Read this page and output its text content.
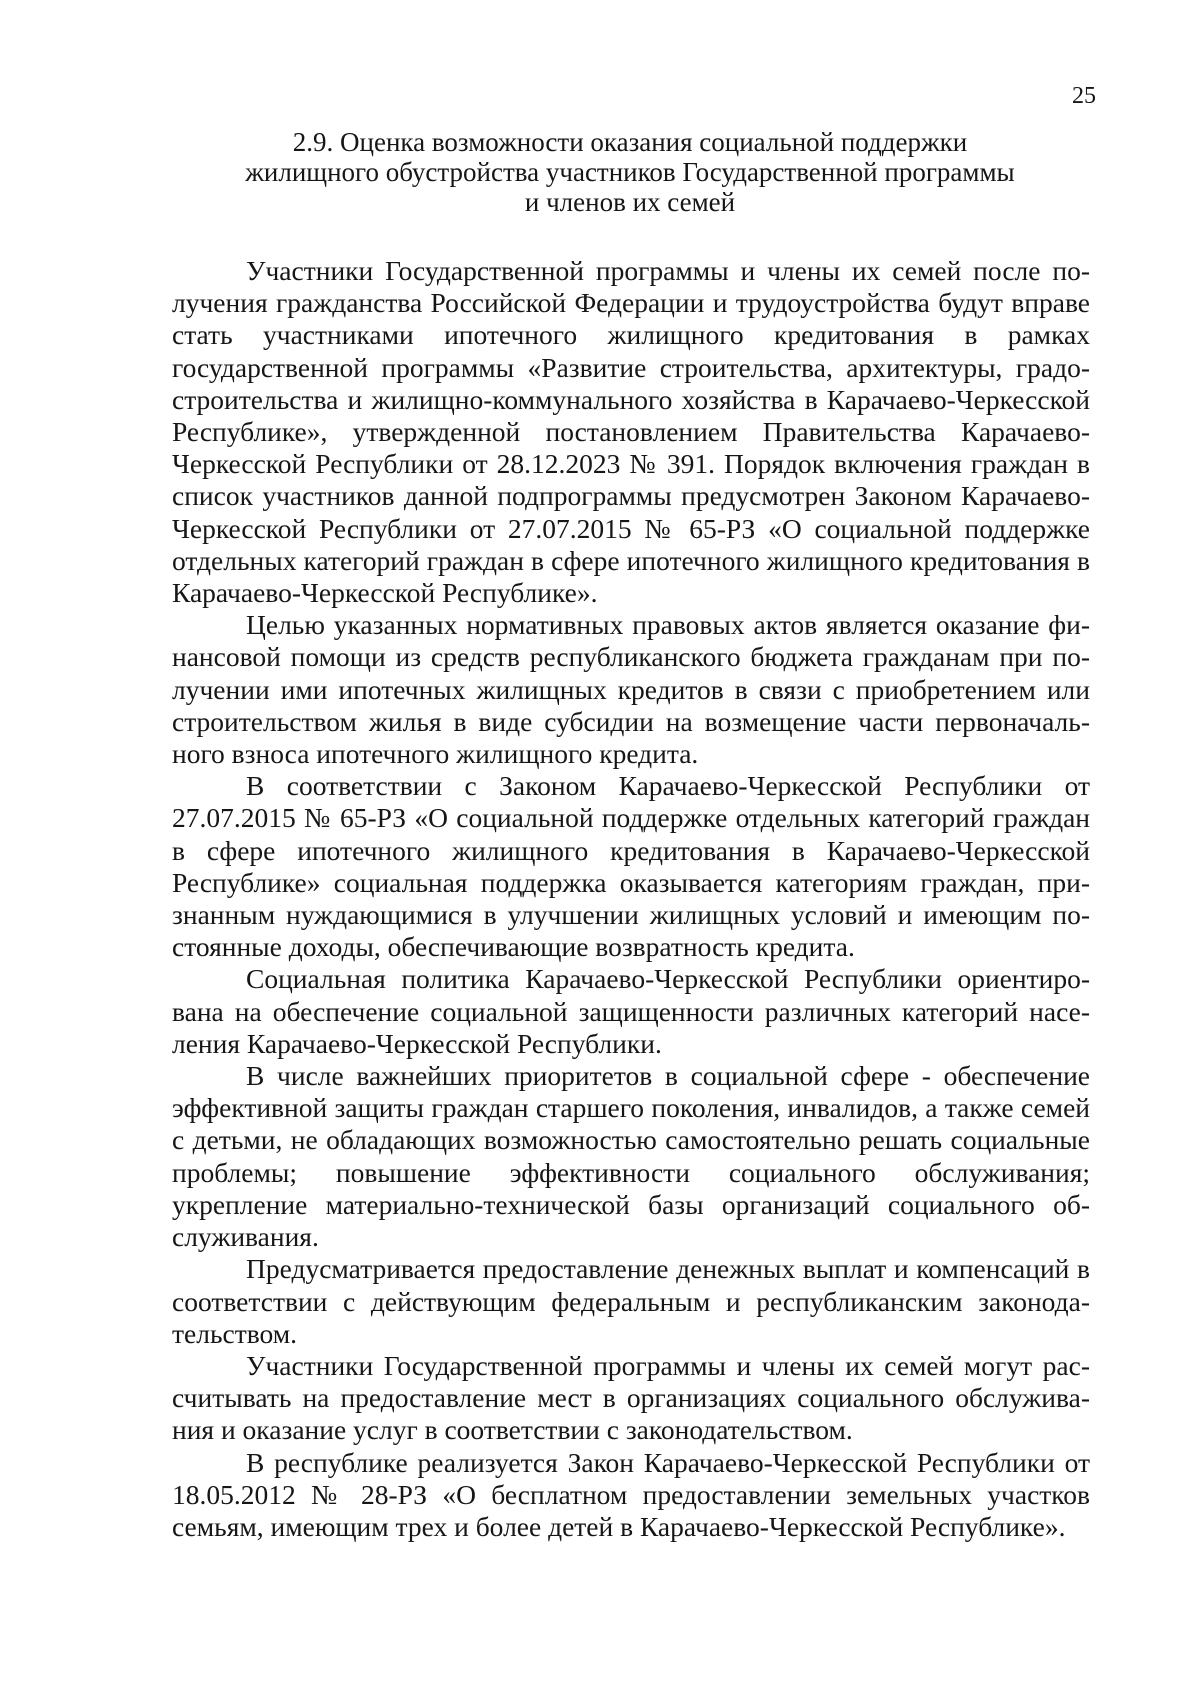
25
2.9. Оценка возможности оказания социальной поддержки
жилищного обустройства участников Государственной программы
и членов их семей

Участники Государственной программы и члены их семей после получения гражданства Российской Федерации и трудоустройства будут вправе стать участниками ипотечного жилищного кредитования в рамках государственной программы «Развитие строительства, архитектуры, градостроительства и жилищно-коммунального хозяйства в Карачаево-Черкесской Республике», утвержденной постановлением Правительства Карачаево-Черкесской Республики от 28.12.2023 № 391. Порядок включения граждан в список участников данной подпрограммы предусмотрен Законом Карачаево-Черкесской Республики от 27.07.2015 № 65-РЗ «О социальной поддержке отдельных категорий граждан в сфере ипотечного жилищного кредитования в Карачаево-Черкесской Республике».

Целью указанных нормативных правовых актов является оказание финансовой помощи из средств республиканского бюджета гражданам при получении ими ипотечных жилищных кредитов в связи с приобретением или строительством жилья в виде субсидии на возмещение части первоначального взноса ипотечного жилищного кредита.

В соответствии с Законом Карачаево-Черкесской Республики от 27.07.2015 № 65-РЗ «О социальной поддержке отдельных категорий граждан в сфере ипотечного жилищного кредитования в Карачаево-Черкесской Республике» социальная поддержка оказывается категориям граждан, признанным нуждающимися в улучшении жилищных условий и имеющим постоянные доходы, обеспечивающие возвратность кредита.

Социальная политика Карачаево-Черкесской Республики ориентирована на обеспечение социальной защищенности различных категорий населения Карачаево-Черкесской Республики.

В числе важнейших приоритетов в социальной сфере - обеспечение эффективной защиты граждан старшего поколения, инвалидов, а также семей с детьми, не обладающих возможностью самостоятельно решать социальные проблемы; повышение эффективности социального обслуживания; укрепление материально-технической базы организаций социального обслуживания.

Предусматривается предоставление денежных выплат и компенсаций в соответствии с действующим федеральным и республиканским законодательством.

Участники Государственной программы и члены их семей могут рассчитывать на предоставление мест в организациях социального обслуживания и оказание услуг в соответствии с законодательством.

В республике реализуется Закон Карачаево-Черкесской Республики от 18.05.2012 № 28-РЗ «О бесплатном предоставлении земельных участков семьям, имеющим трех и более детей в Карачаево-Черкесской Республике».
